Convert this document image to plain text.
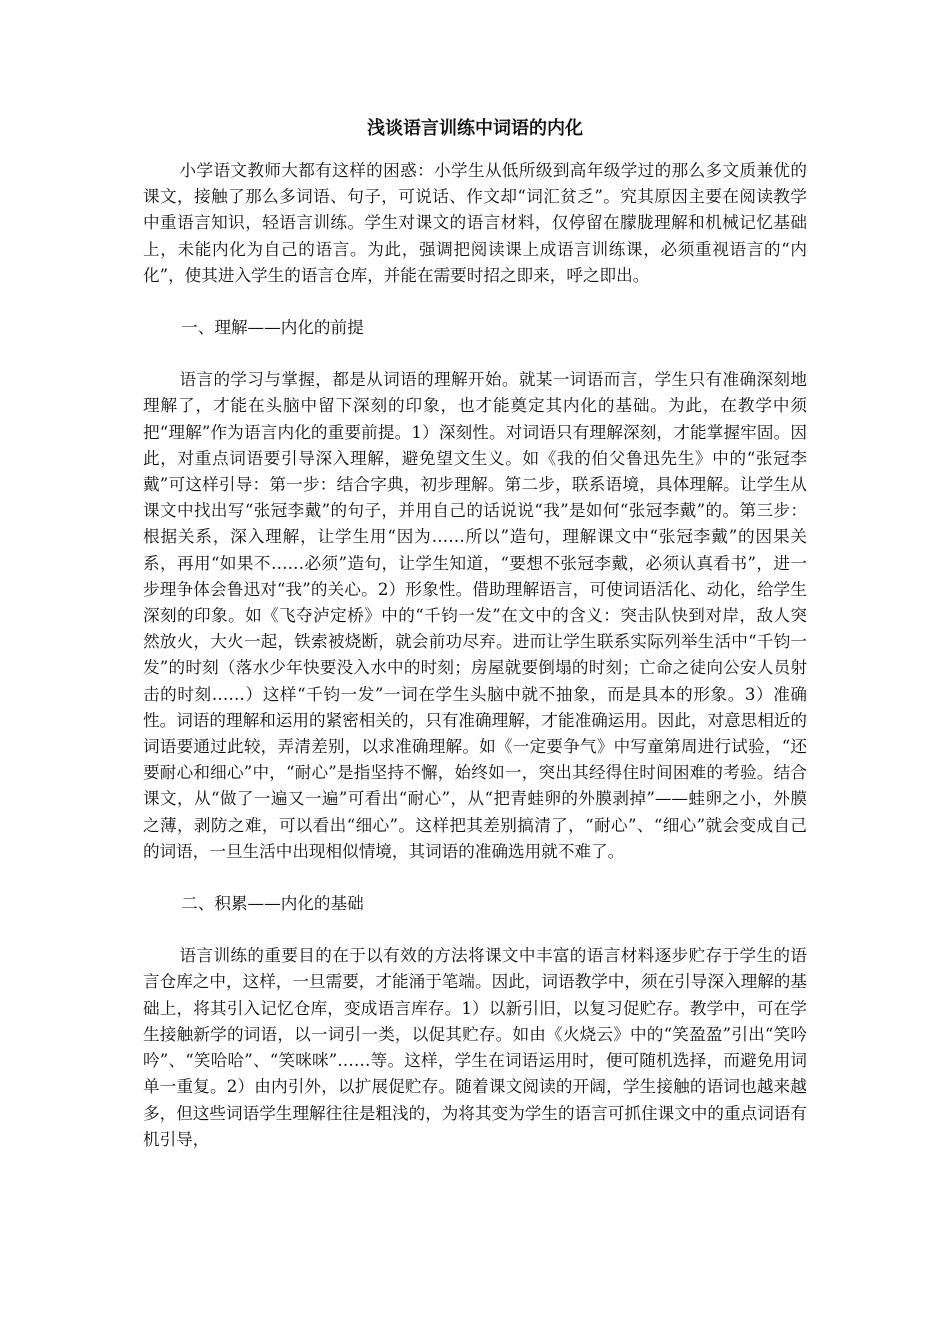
浅谈语言训练中词语的内化

小学语文教师大都有这样的困惑：小学生从低所级到高年级学过的那么多文质兼优的课文，接触了那么多词语、句子，可说话、作文却“词汇贫乏”。究其原因主要在阅读教学中重语言知识，轻语言训练。学生对课文的语言材料，仅停留在朦胧理解和机械记忆基础上，未能内化为自己的语言。为此，强调把阅读课上成语言训练课，必须重视语言的“内化”，使其进入学生的语言仓库，并能在需要时招之即来，呼之即出。

一、理解——内化的前提

语言的学习与掌握，都是从词语的理解开始。就某一词语而言，学生只有准确深刻地理解了，才能在头脑中留下深刻的印象，也才能奠定其内化的基础。为此，在教学中须把“理解”作为语言内化的重要前提。1）深刻性。对词语只有理解深刻，才能掌握牢固。因此，对重点词语要引导深入理解，避免望文生义。如《我的伯父鲁迅先生》中的“张冠李戴”可这样引导：第一步：结合字典，初步理解。第二步，联系语境，具体理解。让学生从课文中找出写“张冠李戴”的句子，并用自己的话说说“我”是如何“张冠李戴”的。第三步：根据关系，深入理解，让学生用“因为……所以”造句，理解课文中“张冠李戴”的因果关系，再用“如果不……必须”造句，让学生知道，“要想不张冠李戴，必须认真看书”，进一步理争体会鲁迅对“我”的关心。2）形象性。借助理解语言，可使词语活化、动化，给学生深刻的印象。如《飞夺泸定桥》中的“千钧一发”在文中的含义：突击队快到对岸，敌人突然放火，大火一起，铁索被烧断，就会前功尽弃。进而让学生联系实际列举生活中“千钧一发”的时刻（落水少年快要没入水中的时刻；房屋就要倒塌的时刻；亡命之徒向公安人员射击的时刻……）这样“千钧一发”一词在学生头脑中就不抽象，而是具本的形象。3）准确性。词语的理解和运用的紧密相关的，只有准确理解，才能准确运用。因此，对意思相近的词语要通过此较，弄清差别，以求准确理解。如《一定要争气》中写童第周进行试验，“还要耐心和细心”中，“耐心”是指坚持不懈，始终如一，突出其经得住时间困难的考验。结合课文，从“做了一遍又一遍”可看出“耐心”，从“把青蛙卵的外膜剥掉”——蛙卵之小，外膜之薄，剥防之难，可以看出“细心”。这样把其差别搞清了，“耐心”、“细心”就会变成自己的词语，一旦生活中出现相似情境，其词语的准确选用就不难了。

二、积累——内化的基础

语言训练的重要目的在于以有效的方法将课文中丰富的语言材料逐步贮存于学生的语言仓库之中，这样，一旦需要，才能涌于笔端。因此，词语教学中，须在引导深入理解的基础上，将其引入记忆仓库，变成语言库存。1）以新引旧，以复习促贮存。教学中，可在学生接触新学的词语，以一词引一类，以促其贮存。如由《火烧云》中的“笑盈盈”引出“笑吟吟”、“笑哈哈”、“笑咪咪”……等。这样，学生在词语运用时，便可随机选择，而避免用词单一重复。2）由内引外，以扩展促贮存。随着课文阅读的开阔，学生接触的语词也越来越多，但这些词语学生理解往往是粗浅的，为将其变为学生的语言可抓住课文中的重点词语有机引导，
